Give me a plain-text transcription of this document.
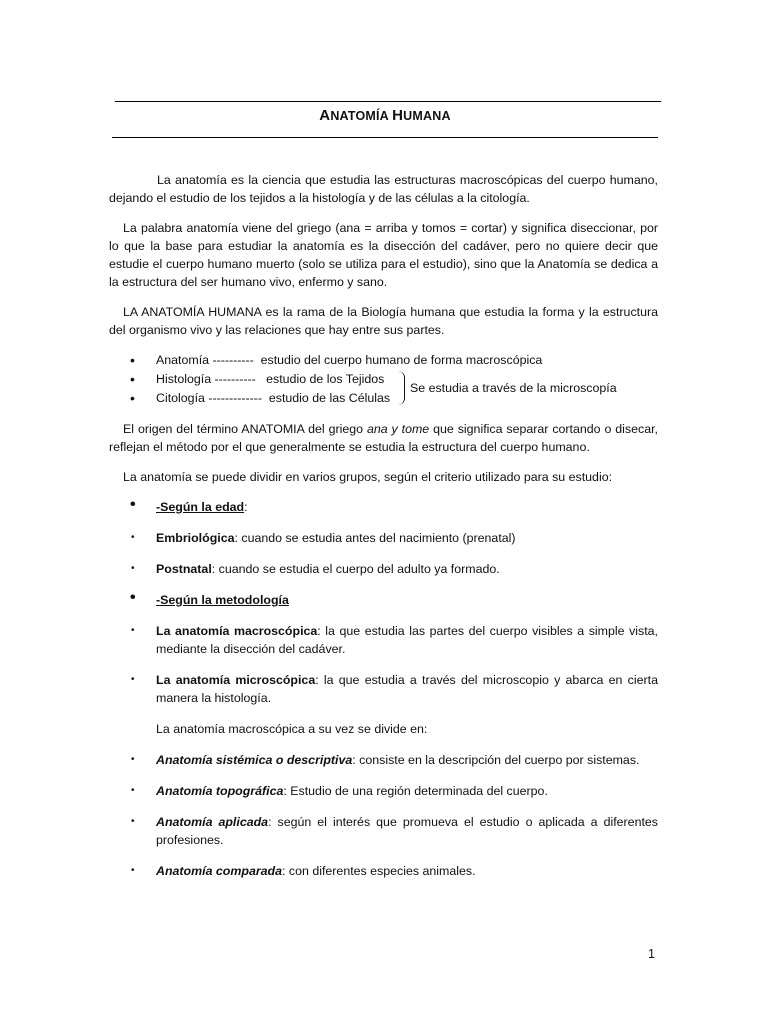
ANATOMÍA HUMANA

La anatomía es la ciencia que estudia las estructuras macroscópicas del cuerpo humano, dejando el estudio de los tejidos a la histología y de las células a la citología.

La palabra anatomía viene del griego (ana = arriba y tomos = cortar) y significa diseccionar, por lo que la base para estudiar la anatomía es la disección del cadáver, pero no quiere decir que estudie el cuerpo humano muerto (solo se utiliza para el estudio), sino que la Anatomía se dedica a la estructura del ser humano vivo, enfermo y sano.

LA ANATOMÍA HUMANA es la rama de la Biología humana que estudia la forma y la estructura del organismo vivo y las relaciones que hay entre sus partes.

• Anatomía ----------  estudio del cuerpo humano de forma macroscópica
• Histología ----------   estudio de los Tejidos
• Citología -------------  estudio de las Células
Se estudia a través de la microscopía

El origen del término ANATOMIA del griego ana y tome que significa separar cortando o disecar, reflejan el método por el que generalmente se estudia la estructura del cuerpo humano.

La anatomía se puede dividir en varios grupos, según el criterio utilizado para su estudio:

• -Según la edad:
• Embriológica: cuando se estudia antes del nacimiento (prenatal)
• Postnatal: cuando se estudia el cuerpo del adulto ya formado.
• -Según la metodología
• La anatomía macroscópica: la que estudia las partes del cuerpo visibles a simple vista, mediante la disección del cadáver.
• La anatomía microscópica: la que estudia a través del microscopio y abarca en cierta manera la histología.
La anatomía macroscópica a su vez se divide en:
• Anatomía sistémica o descriptiva: consiste en la descripción del cuerpo por sistemas.
• Anatomía topográfica: Estudio de una región determinada del cuerpo.
• Anatomía aplicada: según el interés que promueva el estudio o aplicada a diferentes profesiones.
• Anatomía comparada: con diferentes especies animales.
1
